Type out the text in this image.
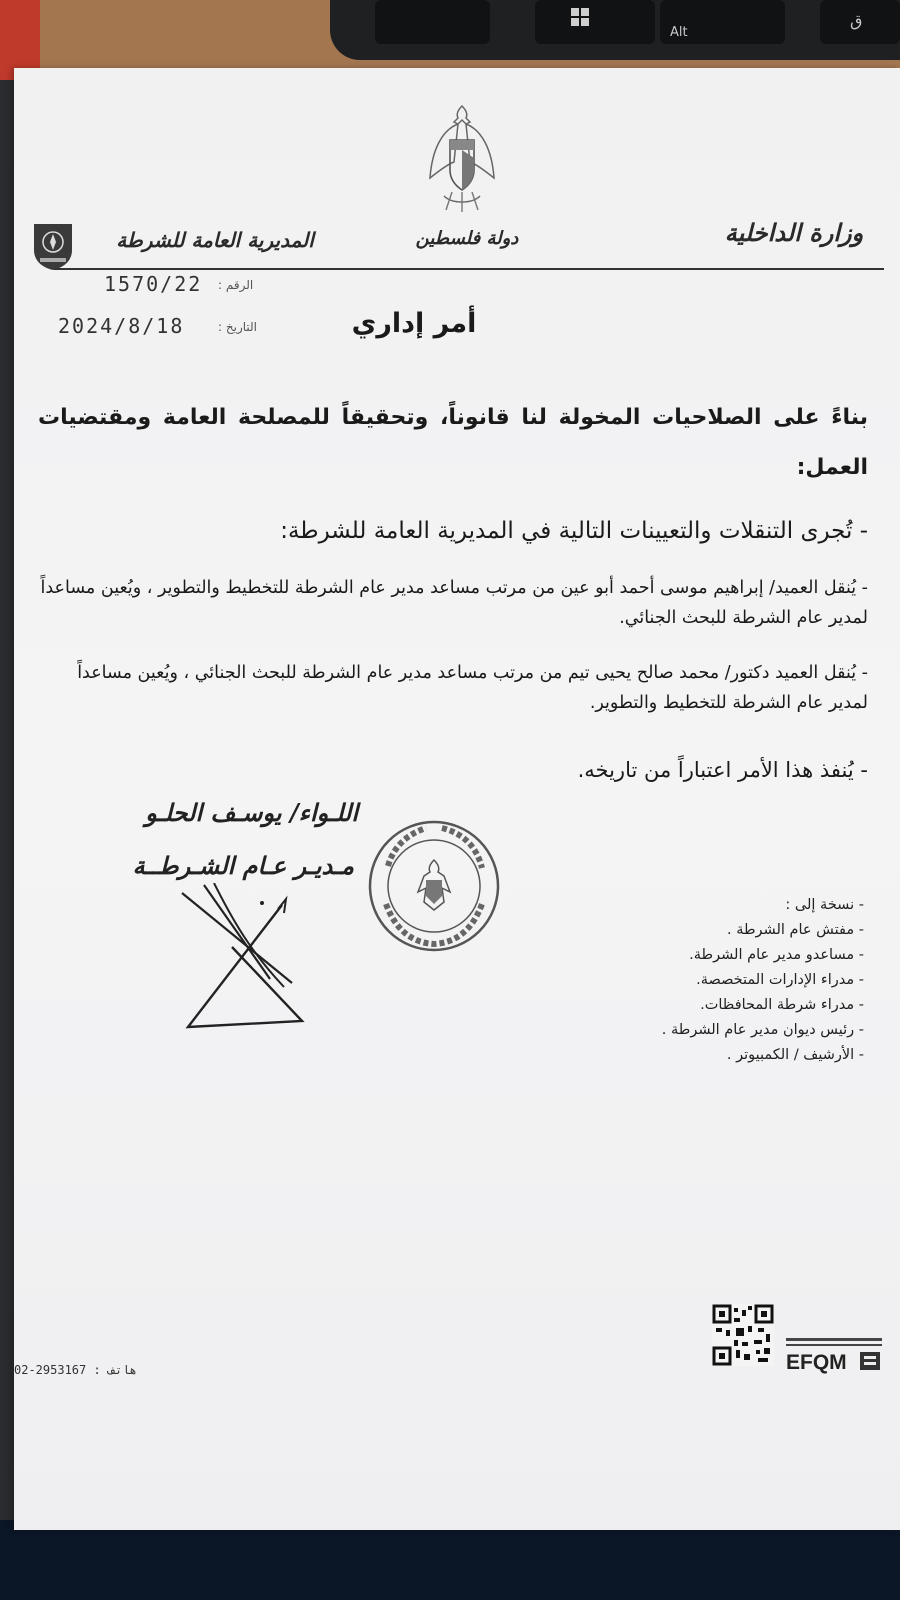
Alt
ق
وزارة الداخلية
دولة فلسطين
المديرية العامة للشرطة
الرقم :
1570/22
التاريخ :
2024/8/18	أمر إداري
بناءً على الصلاحيات المخولة لنا قانوناً، وتحقيقاً للمصلحة العامة ومقتضيات العمل:
- تُجرى التنقلات والتعيينات التالية في المديرية العامة للشرطة:
- يُنقل العميد/ إبراهيم موسى أحمد أبو عين من مرتب مساعد مدير عام الشرطة للتخطيط والتطوير ، ويُعين مساعداً لمدير عام الشرطة للبحث الجنائي.
- يُنقل العميد دكتور/ محمد صالح يحيى تيم من مرتب مساعد مدير عام الشرطة للبحث الجنائي ، ويُعين مساعداً لمدير عام الشرطة للتخطيط والتطوير.
- يُنفذ هذا الأمر اعتباراً من تاريخه.
اللـواء/ يوسـف الحلـو
مـديـر عـام الشـرطــة
- نسخة إلى :
- مفتش عام الشرطة .
- مساعدو مدير عام الشرطة.
- مدراء الإدارات المتخصصة.
- مدراء شرطة المحافظات.
- رئيس ديوان مدير عام الشرطة .
- الأرشيف / الكمبيوتر .
EFQM
02-2953167 : هاتف
